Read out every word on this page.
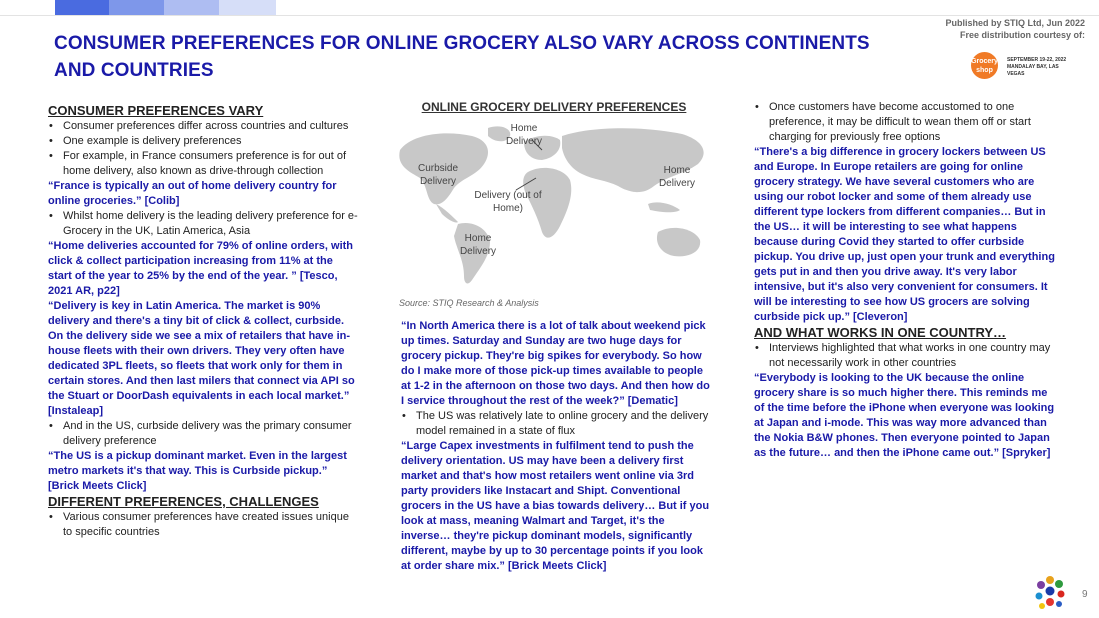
CONSUMER PREFERENCES FOR ONLINE GROCERY ALSO VARY ACROSS CONTINENTS AND COUNTRIES
Published by STIQ Ltd, Jun 2022
Free distribution courtesy of:
Grocery shop
SEPTEMBER 19-22, 2022 MANDALAY BAY, LAS VEGAS

CONSUMER PREFERENCES VARY

• Consumer preferences differ across countries and cultures
• One example is delivery preferences
• For example, in France consumers preference is for out of home delivery, also known as drive-through collection

“France is typically an out of home delivery country for online groceries.” [Colib]

• Whilst home delivery is the leading delivery preference for e-Grocery in the UK, Latin America, Asia

“Home deliveries accounted for 79% of online orders, with click & collect participation increasing from 11% at the start of the year to 25% by the end of the year. ” [Tesco, 2021 AR, p22]

“Delivery is key in Latin America. The market is 90% delivery and there's a tiny bit of click & collect, curbside. On the delivery side we see a mix of retailers that have in-house fleets with their own drivers. They very often have dedicated 3PL fleets, so fleets that work only for them in certain stores. And then last milers that connect via API so the Stuart or DoorDash equivalents in each local market.” [Instaleap]

• And in the US, curbside delivery was the primary consumer delivery preference

“The US is a pickup dominant market. Even in the largest metro markets it's that way. This is Curbside pickup.” [Brick Meets Click]

DIFFERENT PREFERENCES, CHALLENGES

• Various consumer preferences have created issues unique to specific countries
ONLINE GROCERY DELIVERY PREFERENCES
Home Delivery
Curbside Delivery
Delivery (out of Home)
Home Delivery
Home Delivery
Source: STIQ Research & Analysis

“In North America there is a lot of talk about weekend pick up times. Saturday and Sunday are two huge days for grocery pickup. They're big spikes for everybody. So how do I make more of those pick-up times available to people at 1-2 in the afternoon on those two days. And then how do I service throughout the rest of the week?” [Dematic]

• The US was relatively late to online grocery and the delivery model remained in a state of flux

“Large Capex investments in fulfilment tend to push the delivery orientation. US may have been a delivery first market and that's how most retailers went online via 3rd party providers like Instacart and Shipt. Conventional grocers in the US have a bias towards delivery… But if you look at mass, meaning Walmart and Target, it's the inverse… they're pickup dominant models, significantly different, maybe by up to 30 percentage points if you look at order share mix.” [Brick Meets Click]

• Once customers have become accustomed to one preference, it may be difficult to wean them off or start charging for previously free options

“There's a big difference in grocery lockers between US and Europe. In Europe retailers are going for online grocery strategy. We have several customers who are using our robot locker and some of them already use different type lockers from different companies… But in the US… it will be interesting to see what happens because during Covid they started to offer curbside pickup. You drive up, just open your trunk and everything gets put in and then you drive away. It's very labor intensive, but it's also very convenient for consumers. It will be interesting to see how US grocers are solving curbside pick up.” [Cleveron]

AND WHAT WORKS IN ONE COUNTRY…

• Interviews highlighted that what works in one country may not necessarily work in other countries

“Everybody is looking to the UK because the online grocery share is so much higher there. This reminds me of the time before the iPhone when everyone was looking at Japan and i-mode. This was way more advanced than the Nokia B&W phones. Then everyone pointed to Japan as the future… and then the iPhone came out.” [Spryker]

9
